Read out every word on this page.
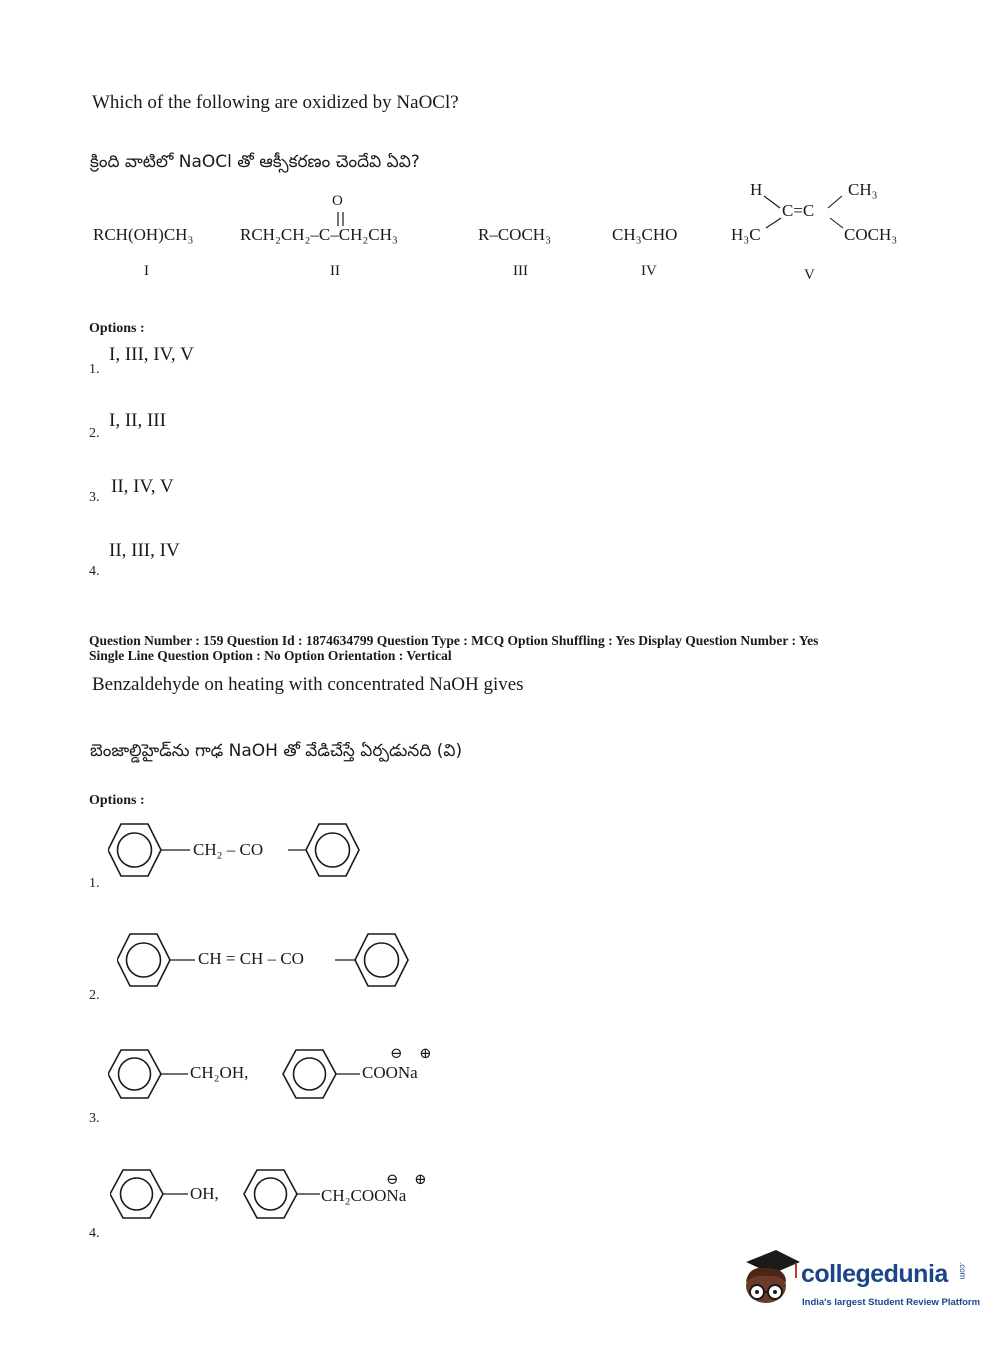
Which of the following are oxidized by NaOCl?
క్రింది వాటిలో NaOCl తో ఆక్సీకరణం చెందేవి ఏవి?
RCH(OH)CH₃
I
O
RCH₂CH₂–C–CH₂CH₃
II
R–COCH₃
III
CH₃CHO
IV
H	CH₃
C=C
H₃C	COCH₃
V
Options :
1.
I, III, IV, V
2.
I, II, III
3.
II, IV, V
4.
II, III, IV
Question Number : 159 Question Id : 1874634799 Question Type : MCQ Option Shuffling : Yes Display Question Number : Yes
Single Line Question Option : No Option Orientation : Vertical
Benzaldehyde on heating with concentrated NaOH gives
బెంజాల్డిహైడ్‌ను గాఢ NaOH తో వేడిచేస్తే ఏర్పడునది (వి)
Options :
1.
CH₂ – CO
2.
CH = CH – CO
3.
CH₂OH,	COONa
⊖ ⊕
4.
OH,	CH₂COONa
⊖ ⊕
collegedunia .com
India's largest Student Review Platform
